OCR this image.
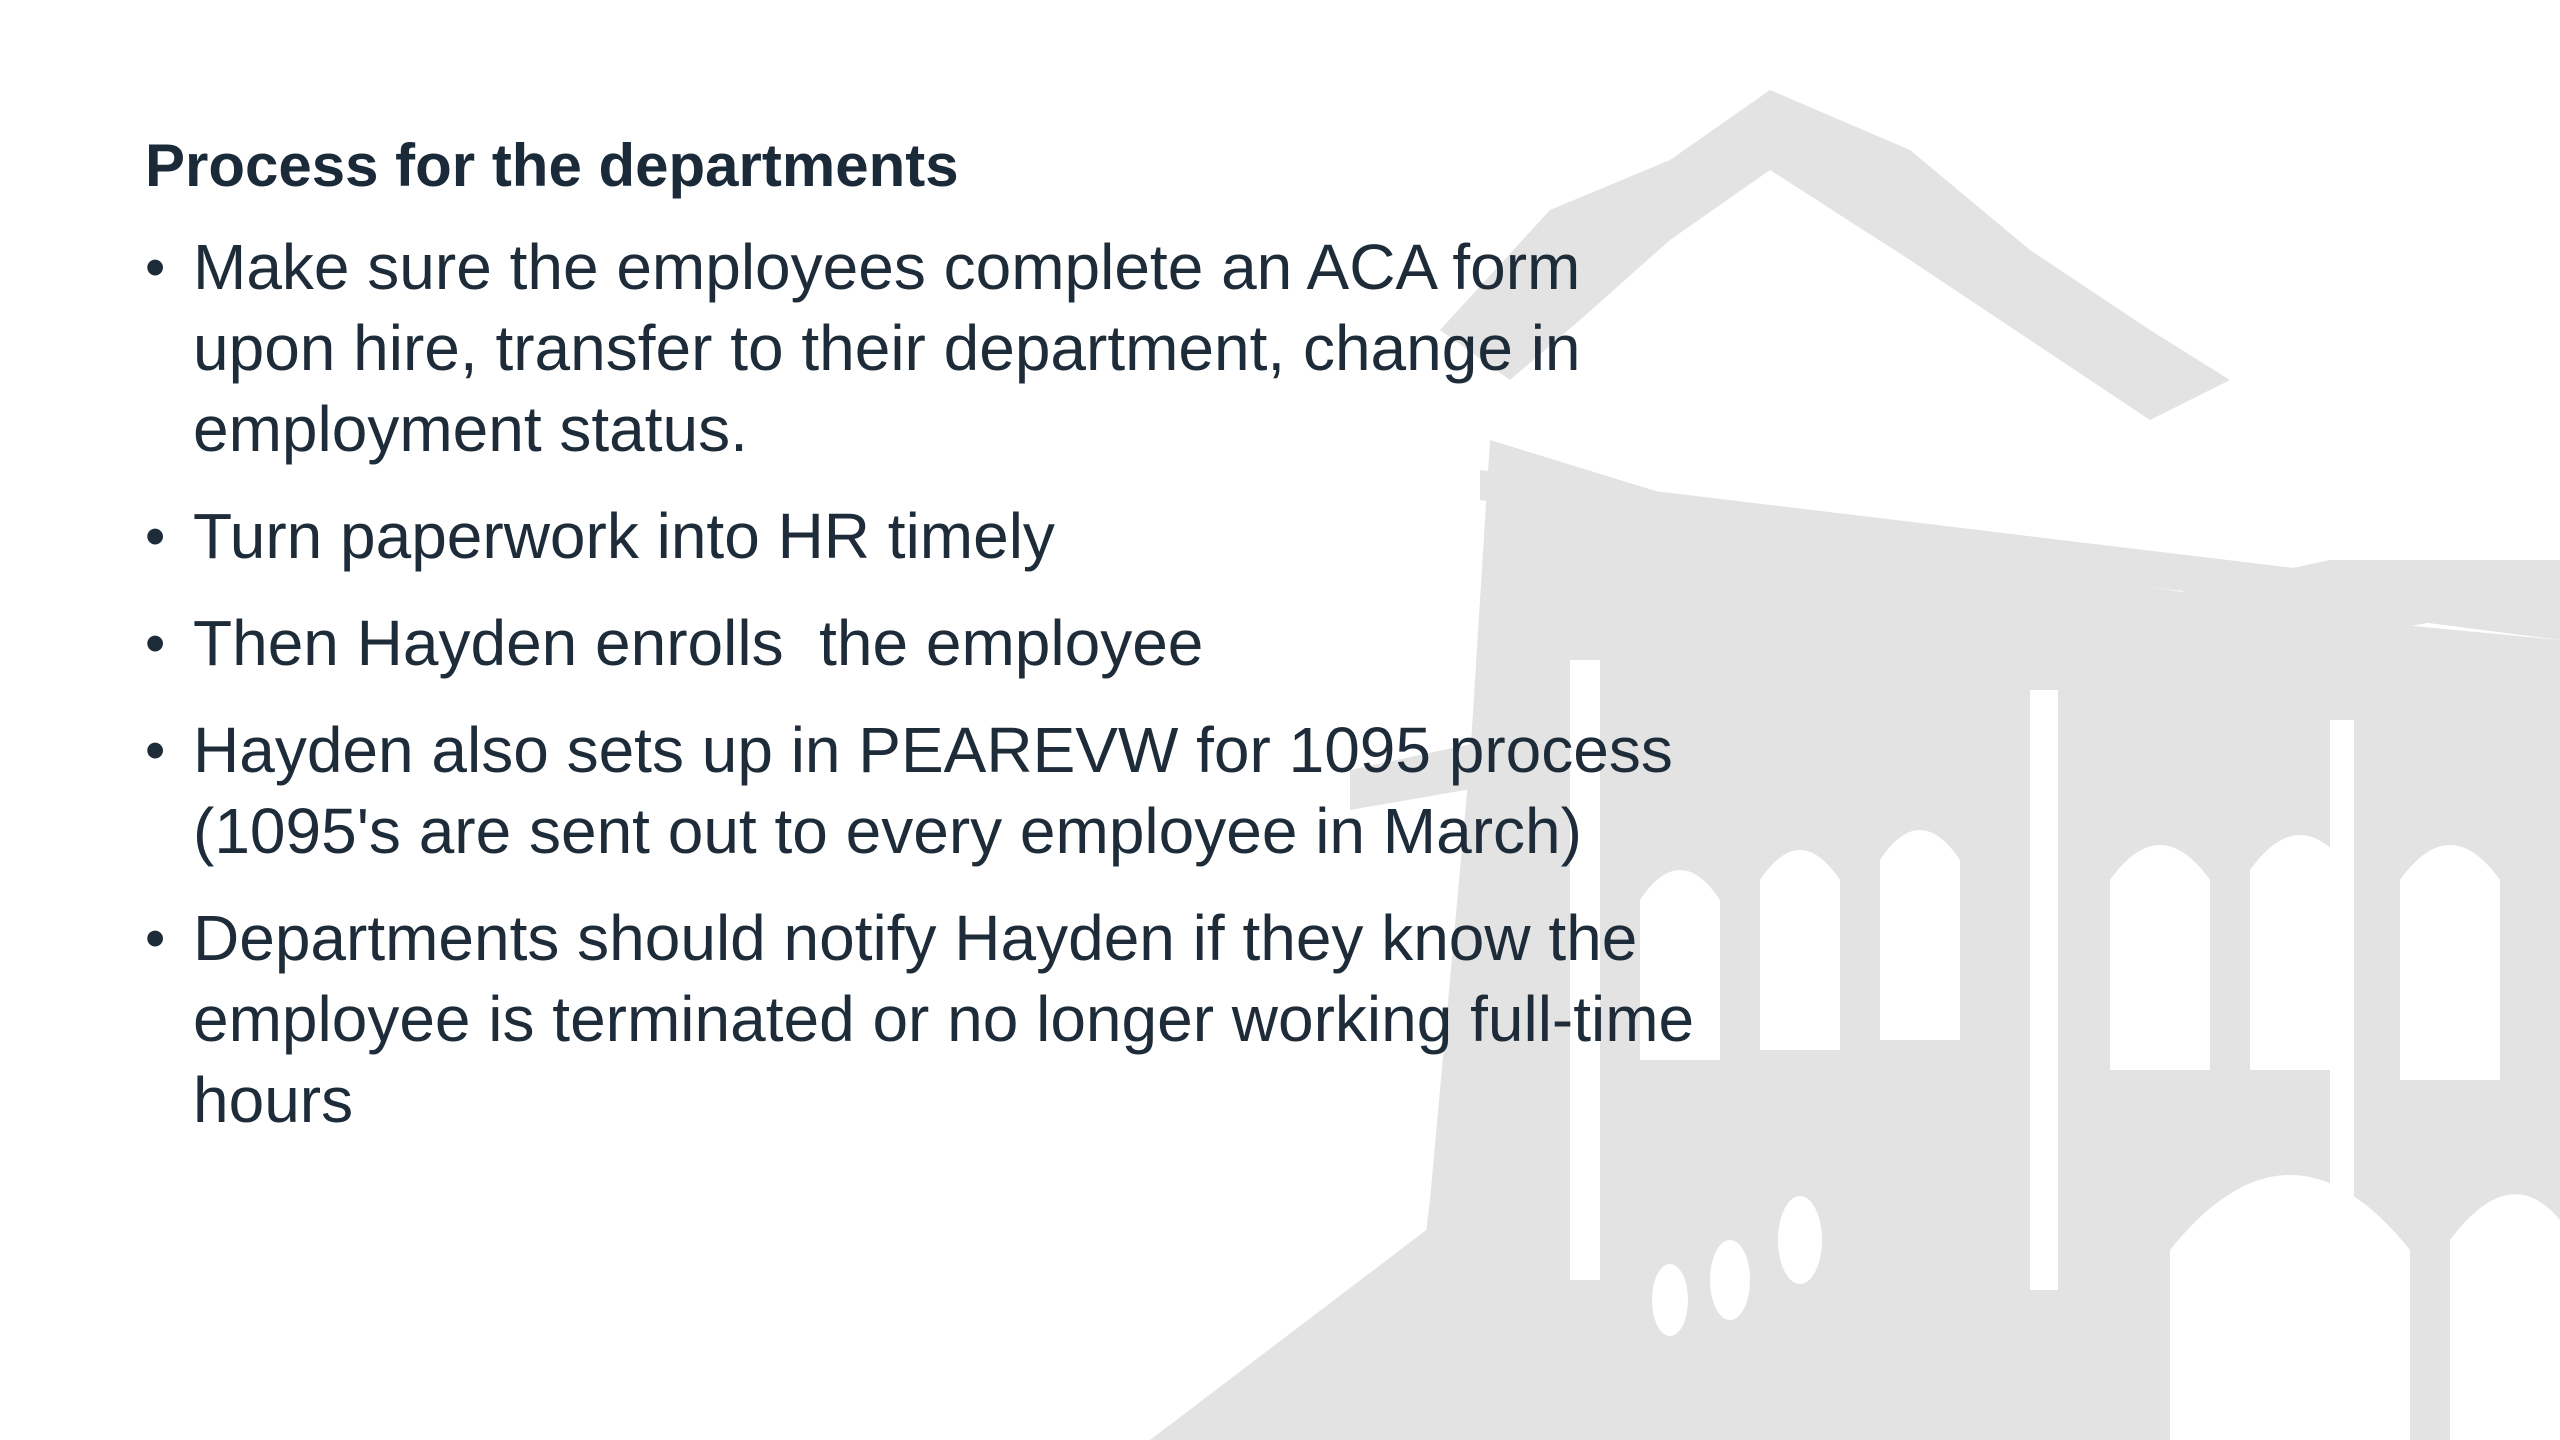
Process for the departments
• Make sure the employees complete an ACA form upon hire, transfer to their department, change in employment status.
• Turn paperwork into HR timely
• Then Hayden enrolls  the employee
• Hayden also sets up in PEAREVW for 1095 process (1095's are sent out to every employee in March)
• Departments should notify Hayden if they know the employee is terminated or no longer working full-time hours
